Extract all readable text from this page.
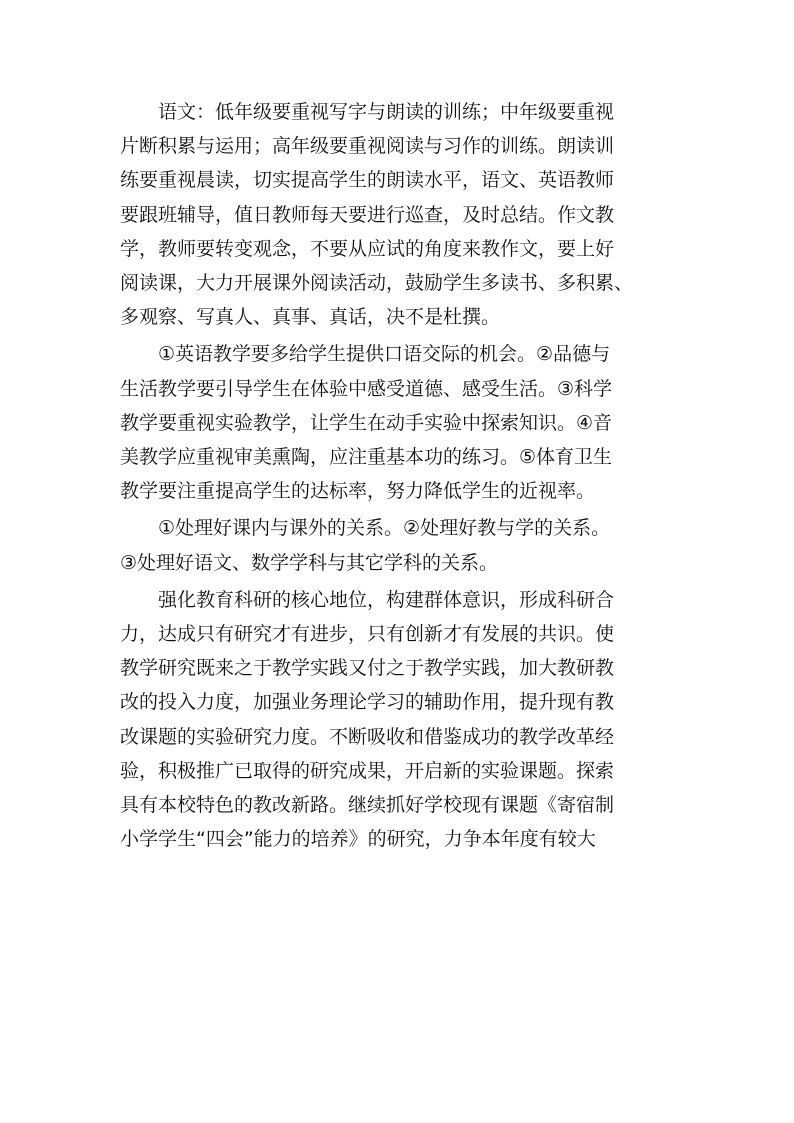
语文：低年级要重视写字与朗读的训练；中年级要重视
片断积累与运用；高年级要重视阅读与习作的训练。朗读训
练要重视晨读，切实提高学生的朗读水平，语文、英语教师
要跟班辅导，值日教师每天要进行巡查，及时总结。作文教
学，教师要转变观念，不要从应试的角度来教作文，要上好
阅读课，大力开展课外阅读活动，鼓励学生多读书、多积累、
多观察、写真人、真事、真话，决不是杜撰。

①英语教学要多给学生提供口语交际的机会。②品德与
生活教学要引导学生在体验中感受道德、感受生活。③科学
教学要重视实验教学，让学生在动手实验中探索知识。④音
美教学应重视审美熏陶，应注重基本功的练习。⑤体育卫生
教学要注重提高学生的达标率，努力降低学生的近视率。

①处理好课内与课外的关系。②处理好教与学的关系。
③处理好语文、数学学科与其它学科的关系。

强化教育科研的核心地位，构建群体意识，形成科研合
力，达成只有研究才有进步，只有创新才有发展的共识。使
教学研究既来之于教学实践又付之于教学实践，加大教研教
改的投入力度，加强业务理论学习的辅助作用，提升现有教
改课题的实验研究力度。不断吸收和借鉴成功的教学改革经
验，积极推广已取得的研究成果，开启新的实验课题。探索
具有本校特色的教改新路。继续抓好学校现有课题《寄宿制
小学学生“四会”能力的培养》的研究，力争本年度有较大
